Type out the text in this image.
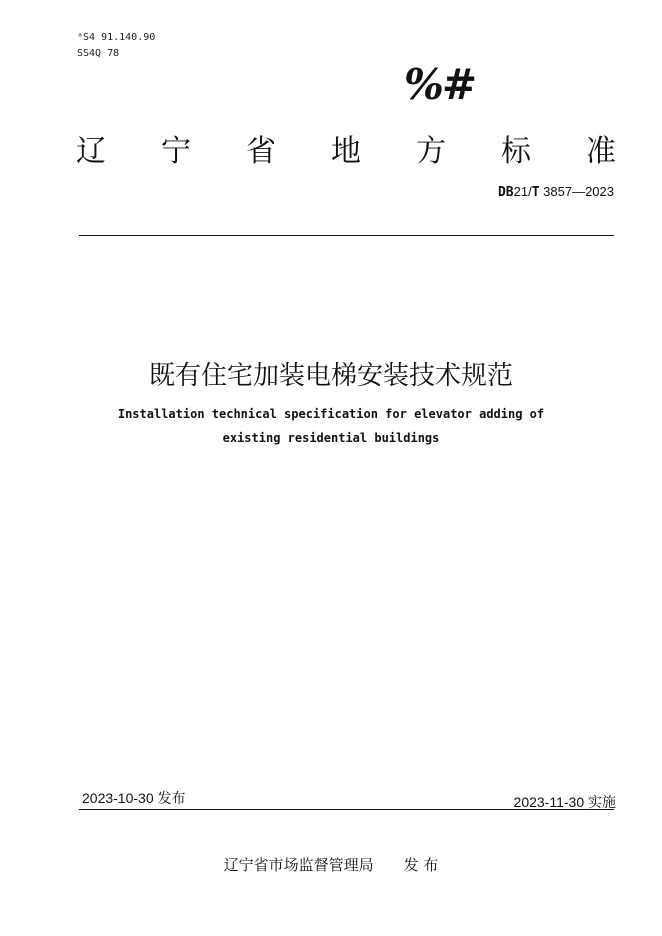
ᵃS4 91.140.90
SS4Q 78
%#
辽 宁 省 地 方 标 准
DB21/T 3857—2023
既有住宅加装电梯安装技术规范
Installation technical specification for elevator adding of
existing residential buildings
2023-10-30 发布	2023-11-30 实施
辽宁省市场监督管理局 发 布
